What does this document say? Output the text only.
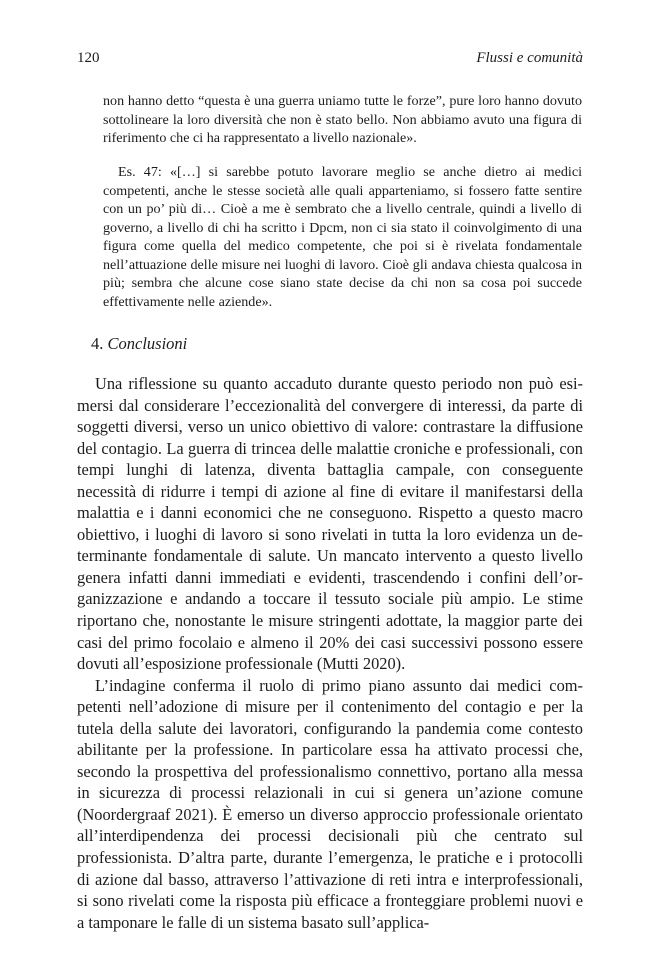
120	Flussi e comunità

non hanno detto “questa è una guerra uniamo tutte le forze”, pure loro hanno dovuto sottolineare la loro diversità che non è stato bello. Non abbiamo avuto una figura di riferimento che ci ha rappresentato a livello nazionale».

Es. 47: «[…] si sarebbe potuto lavorare meglio se anche dietro ai medici competenti, anche le stesse società alle quali apparteniamo, si fossero fatte sentire con un po’ più di… Cioè a me è sembrato che a livello centrale, quindi a livello di governo, a livello di chi ha scritto i Dpcm, non ci sia stato il coinvolgimento di una figura come quella del medico competente, che poi si è rivelata fondamentale nell’attuazione delle misure nei luoghi di lavoro. Cioè gli andava chiesta qualcosa in più; sembra che alcune cose siano state decise da chi non sa cosa poi succede effettivamente nelle aziende».

4. Conclusioni

Una riflessione su quanto accaduto durante questo periodo non può esimersi dal considerare l’eccezionalità del convergere di interessi, da parte di soggetti diversi, verso un unico obiettivo di valore: contrastare la diffusione del contagio. La guerra di trincea delle malattie croniche e professionali, con tempi lunghi di latenza, diventa battaglia campale, con conseguente necessità di ridurre i tempi di azione al fine di evitare il manifestarsi della malattia e i danni economici che ne conseguono. Rispetto a questo macro obiettivo, i luoghi di lavoro si sono rivelati in tutta la loro evidenza un determinante fondamentale di salute. Un mancato intervento a questo livello genera infatti danni immediati e evidenti, trascendendo i confini dell’organizzazione e andando a toccare il tessuto sociale più ampio. Le stime riportano che, nonostante le misure stringenti adottate, la maggior parte dei casi del primo focolaio e almeno il 20% dei casi successivi possono essere dovuti all’esposizione professionale (Mutti 2020).

L’indagine conferma il ruolo di primo piano assunto dai medici competenti nell’adozione di misure per il contenimento del contagio e per la tutela della salute dei lavoratori, configurando la pandemia come contesto abilitante per la professione. In particolare essa ha attivato processi che, secondo la prospettiva del professionalismo connettivo, portano alla messa in sicurezza di processi relazionali in cui si genera un’azione comune (Noordergraaf 2021). È emerso un diverso approccio professionale orientato all’interdipendenza dei processi decisionali più che centrato sul professionista. D’altra parte, durante l’emergenza, le pratiche e i protocolli di azione dal basso, attraverso l’attivazione di reti intra e interprofessionali, si sono rivelati come la risposta più efficace a fronteggiare problemi nuovi e a tamponare le falle di un sistema basato sull’applica-
